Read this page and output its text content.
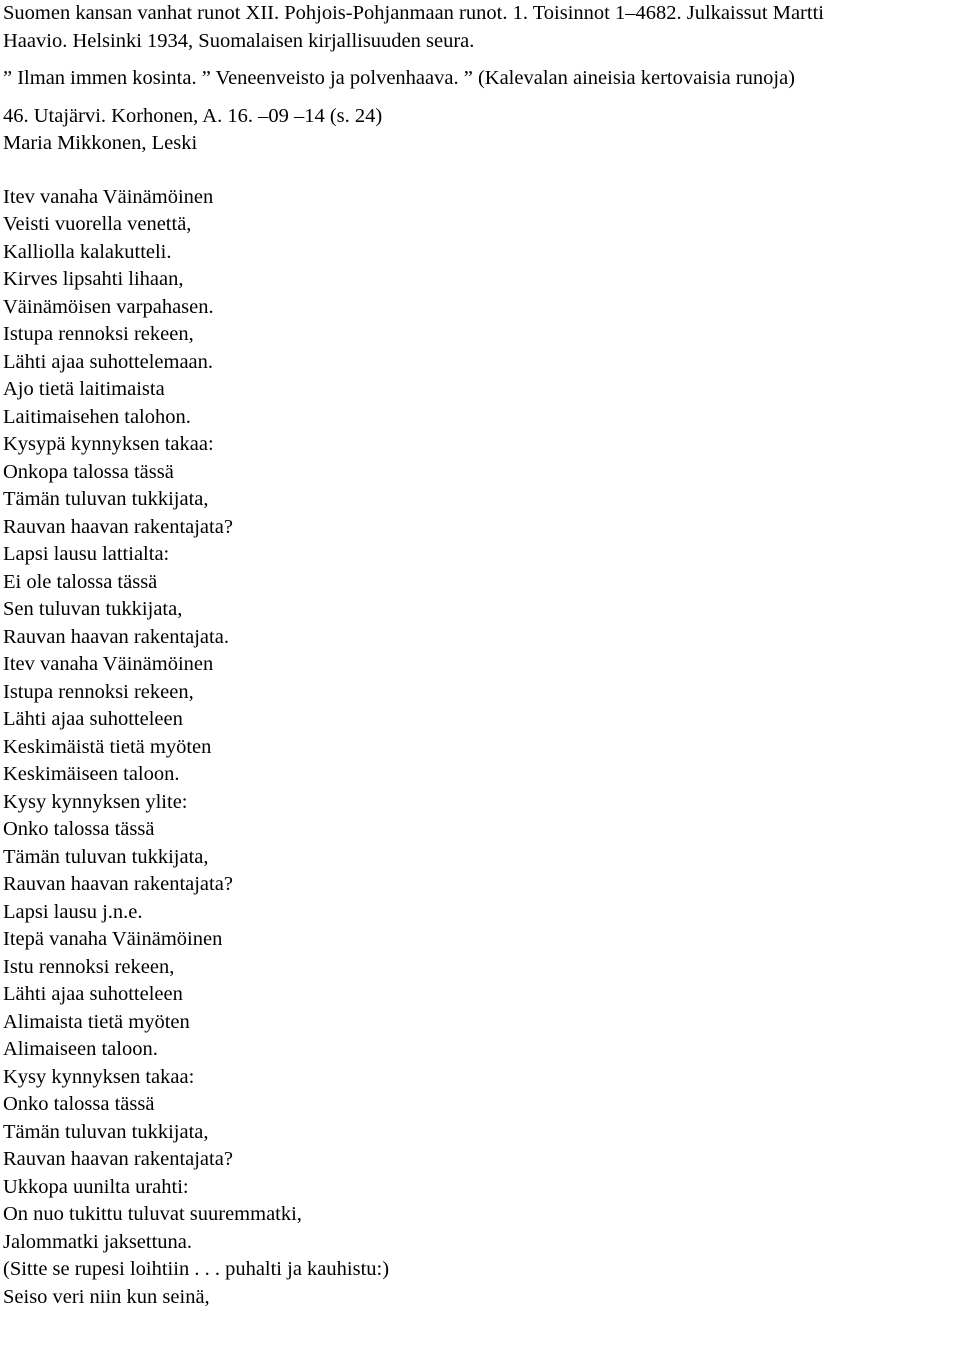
Suomen kansan vanhat runot XII. Pohjois-Pohjanmaan runot. 1. Toisinnot 1–4682. Julkaissut Martti
Haavio. Helsinki 1934, Suomalaisen kirjallisuuden seura.
” Ilman immen kosinta. ” Veneenveisto ja polvenhaava. ” (Kalevalan aineisia kertovaisia runoja)
46. Utajärvi. Korhonen, A. 16. –09 –14 (s. 24)
Maria Mikkonen, Leski
Itev vanaha Väinämöinen
Veisti vuorella venettä,
Kalliolla kalakutteli.
Kirves lipsahti lihaan,
Väinämöisen varpahasen.
Istupa rennoksi rekeen,
Lähti ajaa suhottelemaan.
Ajo tietä laitimaista
Laitimaisehen talohon.
Kysypä kynnyksen takaa:
Onkopa talossa tässä
Tämän tuluvan tukkijata,
Rauvan haavan rakentajata?
Lapsi lausu lattialta:
Ei ole talossa tässä
Sen tuluvan tukkijata,
Rauvan haavan rakentajata.
Itev vanaha Väinämöinen
Istupa rennoksi rekeen,
Lähti ajaa suhotteleen
Keskimäistä tietä myöten
Keskimäiseen taloon.
Kysy kynnyksen ylite:
Onko talossa tässä
Tämän tuluvan tukkijata,
Rauvan haavan rakentajata?
Lapsi lausu j.n.e.
Itepä vanaha Väinämöinen
Istu rennoksi rekeen,
Lähti ajaa suhotteleen
Alimaista tietä myöten
Alimaiseen taloon.
Kysy kynnyksen takaa:
Onko talossa tässä
Tämän tuluvan tukkijata,
Rauvan haavan rakentajata?
Ukkopa uunilta urahti:
On nuo tukittu tuluvat suuremmatki,
Jalommatki jaksettuna.
(Sitte se rupesi loihtiin . . . puhalti ja kauhistu:)
Seiso veri niin kun seinä,
